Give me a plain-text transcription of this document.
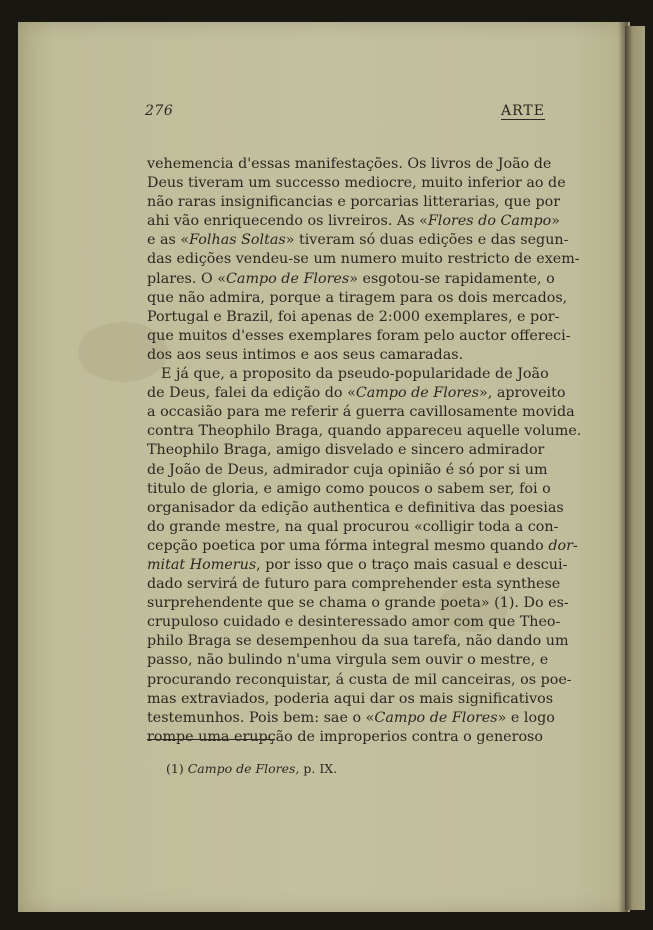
276	ARTE
vehemencia d'essas manifestações. Os livros de João de
Deus tiveram um successo mediocre, muito inferior ao de
não raras insignificancias e porcarias litterarias, que por
ahi vão enriquecendo os livreiros. As «Flores do Campo
e as «Folhas Soltas» tiveram só duas edições e das segun-
das edições vendeu-se um numero muito restricto de exem-
plares. O «Campo de Flores» esgotou-se rapidamente, o
que não admira, porque a tiragem para os dois mercados,
Portugal e Brazil, foi apenas de 2:000 exemplares, e por-
que muitos d'esses exemplares foram pelo auctor offereci-
dos aos seus intimos e aos seus camaradas.
E já que, a proposito da pseudo-popularidade de João
de Deus, falei da edição do «Campo de Flores», aproveito
a occasião para me referir á guerra cavillosamente movida
contra Theophilo Braga, quando appareceu aquelle volume.
Theophilo Braga, amigo disvelado e sincero admirador
de João de Deus, admirador cuja opinião é só por si um
titulo de gloria, e amigo como poucos o sabem ser, foi o
organisador da edição authentica e definitiva das poesias
do grande mestre, na qual procurou «colligir toda a con-
cepção poetica por uma fórma integral mesmo quando dor-
mitat Homerus, por isso que o traço mais casual e descui-
dado servirá de futuro para comprehender esta synthese
surprehendente que se chama o grande poeta» (1). Do es-
crupuloso cuidado e desinteressado amor com que Theo-
philo Braga se desempenhou da sua tarefa, não dando um
passo, não bulindo n'uma virgula sem ouvir o mestre, e
procurando reconquistar, á custa de mil canceiras, os poe-
mas extraviados, poderia aqui dar os mais significativos
testemunhos. Pois bem: sae o «Campo de Flores» e logo
rompe uma erupção de improperios contra o generoso
(1) Campo de Flores, p. IX.
